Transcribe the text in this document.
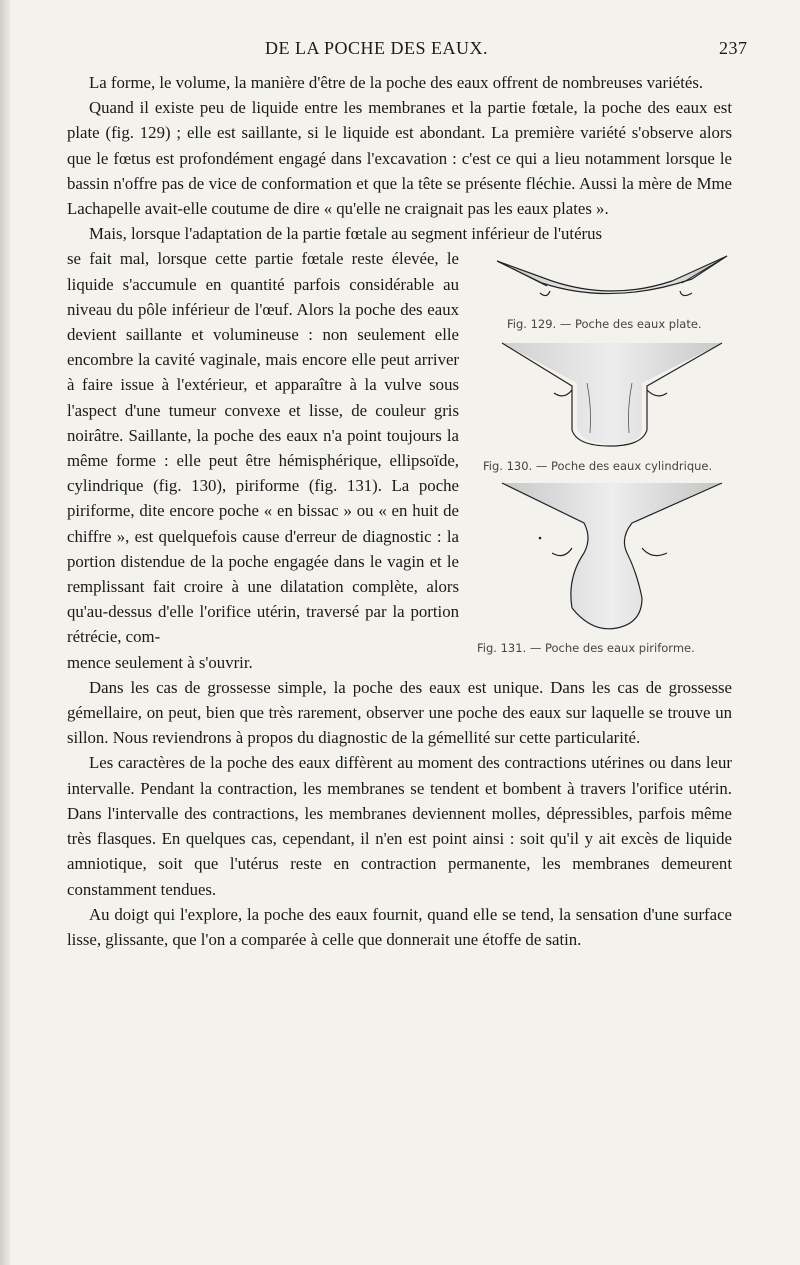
DE LA POCHE DES EAUX.	237

La forme, le volume, la manière d'être de la poche des eaux offrent de nombreuses variétés.

Quand il existe peu de liquide entre les membranes et la partie fœtale, la poche des eaux est plate (fig. 129) ; elle est saillante, si le liquide est abondant. La première variété s'observe alors que le fœtus est profondément engagé dans l'excavation : c'est ce qui a lieu notamment lorsque le bassin n'offre pas de vice de conformation et que la tête se présente fléchie. Aussi la mère de Mme Lachapelle avait-elle coutume de dire « qu'elle ne craignait pas les eaux plates ».

Mais, lorsque l'adaptation de la partie fœtale au segment inférieur de l'utérus

se fait mal, lorsque cette partie fœtale reste élevée, le liquide s'accumule en quantité parfois considérable au niveau du pôle inférieur de l'œuf. Alors la poche des eaux devient saillante et volumineuse : non seulement elle encombre la cavité vaginale, mais encore elle peut arriver à faire issue à l'extérieur, et apparaître à la vulve sous l'aspect d'une tumeur convexe et lisse, de couleur gris noirâtre. Saillante, la poche des eaux n'a point toujours la même forme : elle peut être hémisphérique, ellipsoïde, cylindrique (fig. 130), piriforme (fig. 131). La poche piriforme, dite encore poche « en bissac » ou « en huit de chiffre », est quelquefois cause d'erreur de diagnostic : la portion distendue de la poche engagée dans le vagin et le remplissant fait croire à une dilatation complète, alors qu'au-dessus d'elle l'orifice utérin, traversé par la portion rétrécie, com-

Fig. 129. — Poche des eaux plate.
Fig. 130. — Poche des eaux cylindrique.
Fig. 131. — Poche des eaux piriforme.

mence seulement à s'ouvrir.

Dans les cas de grossesse simple, la poche des eaux est unique. Dans les cas de grossesse gémellaire, on peut, bien que très rarement, observer une poche des eaux sur laquelle se trouve un sillon. Nous reviendrons à propos du diagnostic de la gémellité sur cette particularité.

Les caractères de la poche des eaux diffèrent au moment des contractions utérines ou dans leur intervalle. Pendant la contraction, les membranes se tendent et bombent à travers l'orifice utérin. Dans l'intervalle des contractions, les membranes deviennent molles, dépressibles, parfois même très flasques. En quelques cas, cependant, il n'en est point ainsi : soit qu'il y ait excès de liquide amniotique, soit que l'utérus reste en contraction permanente, les membranes demeurent constamment tendues.

Au doigt qui l'explore, la poche des eaux fournit, quand elle se tend, la sensation d'une surface lisse, glissante, que l'on a comparée à celle que donnerait une étoffe de satin.
